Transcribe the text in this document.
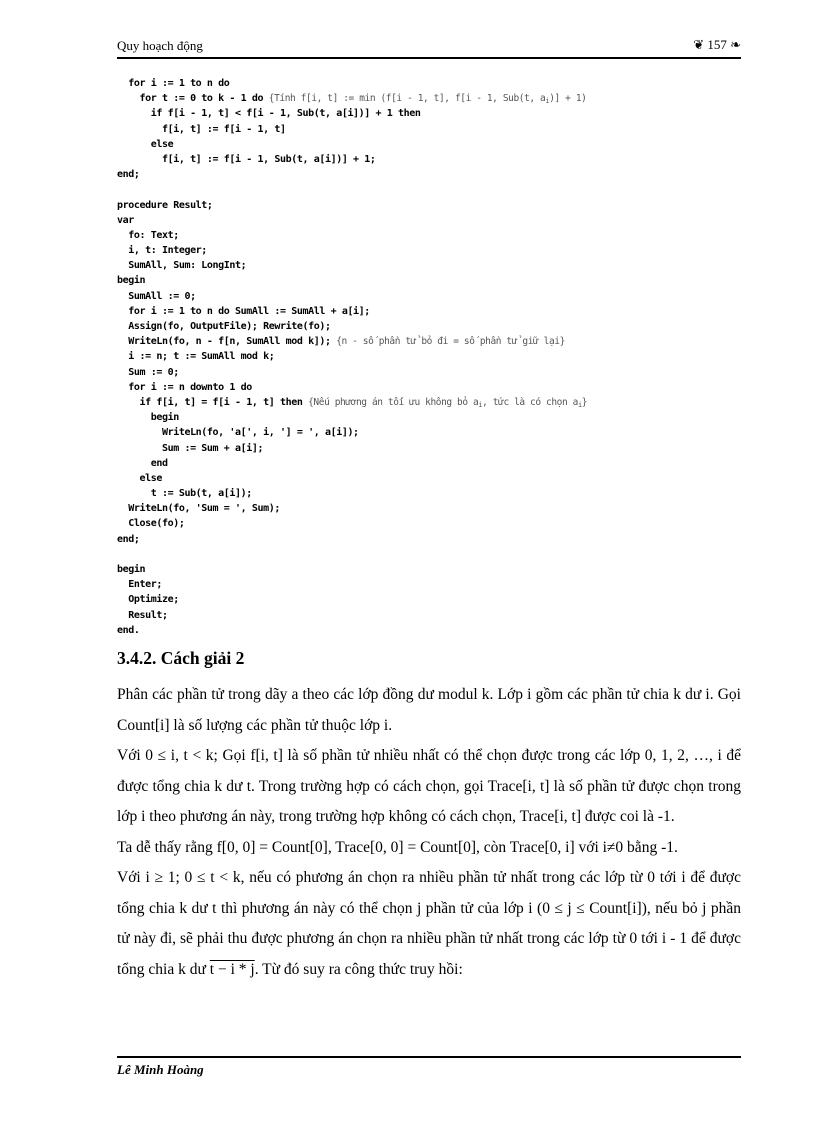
Quy hoạch động	❦ 157 ❧
for i := 1 to n do
for t := 0 to k - 1 do {Tính f[i, t] := min (f[i - 1, t], f[i - 1, Sub(t, $a_i)] + 1$)
if f[i - 1, t] < f[i - 1, Sub(t, a[i])] + 1 then
f[i, t] := f[i - 1, t]
else
f[i, t] := f[i - 1, Sub(t, a[i])] + 1;
end;
procedure Result;
var
fo: Text;
i, t: Integer;
SumAll, Sum: LongInt;
begin
SumAll := 0;
for i := 1 to n do SumAll := SumAll + a[i];
Assign(fo, OutputFile); Rewrite(fo);
WriteLn(fo, n - f[n, SumAll mod k]); {n - số phần tử bỏ đi = số phần tử giữ lại}
i := n; t := SumAll mod k;
Sum := 0;
for i := n downto 1 do
if f[i, t] = f[i - 1, t] then {Nếu phương án tối ưu không bỏ $a_i$, tức là có chọn $a_i$}
begin
WriteLn(fo, 'a[', i, '] = ', a[i]);
Sum := Sum + a[i];
end
else
t := Sub(t, a[i]);
WriteLn(fo, 'Sum = ', Sum);
Close(fo);
end;
begin
Enter;
Optimize;
Result;
end.
3.4.2. Cách giải 2

Phân các phần tử trong dãy a theo các lớp đồng dư modul k. Lớp i gồm các phần tử chia k dư i. Gọi Count[i] là số lượng các phần tử thuộc lớp i.

Với 0 ≤ i, t < k; Gọi f[i, t] là số phần tử nhiều nhất có thể chọn được trong các lớp 0, 1, 2, …, i để được tổng chia k dư t. Trong trường hợp có cách chọn, gọi Trace[i, t] là số phần tử được chọn trong lớp i theo phương án này, trong trường hợp không có cách chọn, Trace[i, t] được coi là -1.

Ta dễ thấy rằng f[0, 0] = Count[0], Trace[0, 0] = Count[0], còn Trace[0, i] với i≠0 bằng -1.

Với i ≥ 1; 0 ≤ t < k, nếu có phương án chọn ra nhiều phần tử nhất trong các lớp từ 0 tới i để được tổng chia k dư t thì phương án này có thể chọn j phần tử của lớp i (0 ≤ j ≤ Count[i]), nếu bỏ j phần tử này đi, sẽ phải thu được phương án chọn ra nhiều phần tử nhất trong các lớp từ 0 tới i - 1 để được tổng chia k dư t − i * j. Từ đó suy ra công thức truy hồi:

Lê Minh Hoàng
